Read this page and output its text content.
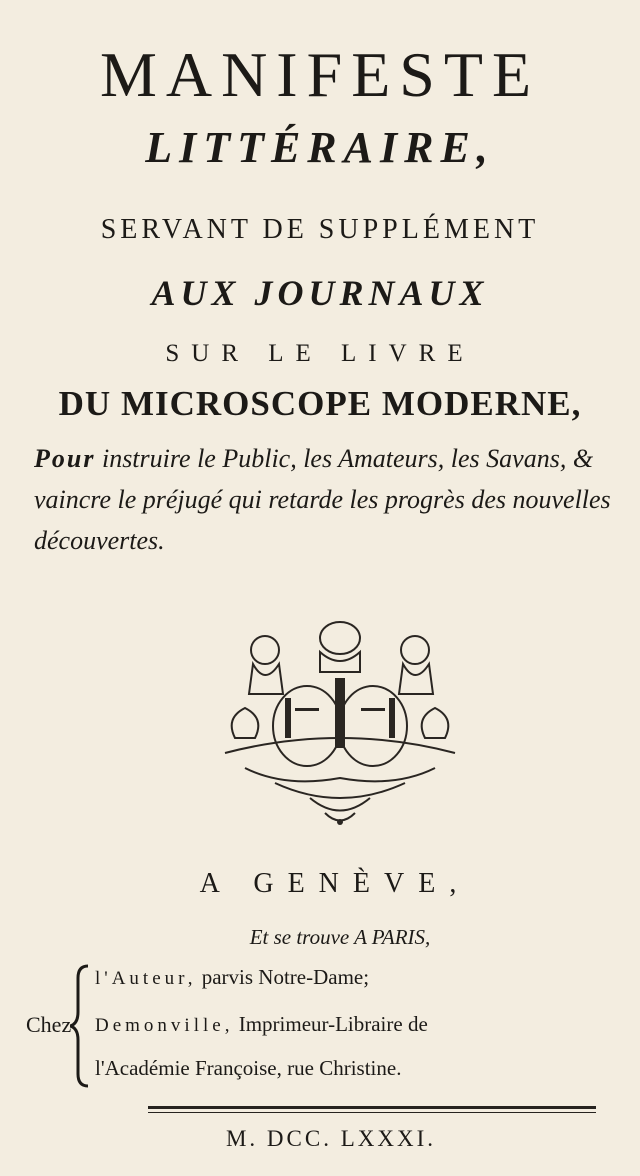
MANIFESTE
LITTÉRAIRE,
SERVANT DE SUPPLÉMENT
AUX JOURNAUX
SUR LE LIVRE
DU MICROSCOPE MODERNE,
Pour instruire le Public, les Amateurs, les Savans, & vaincre le préjugé qui retarde les progrès des nouvelles découvertes.
A GENÈVE,
Et se trouve A PARIS,
Chez
l'Auteur, parvis Notre-Dame;
Demonville, Imprimeur-Libraire de
l'Académie Françoise, rue Christine.
M. DCC. LXXXI.
